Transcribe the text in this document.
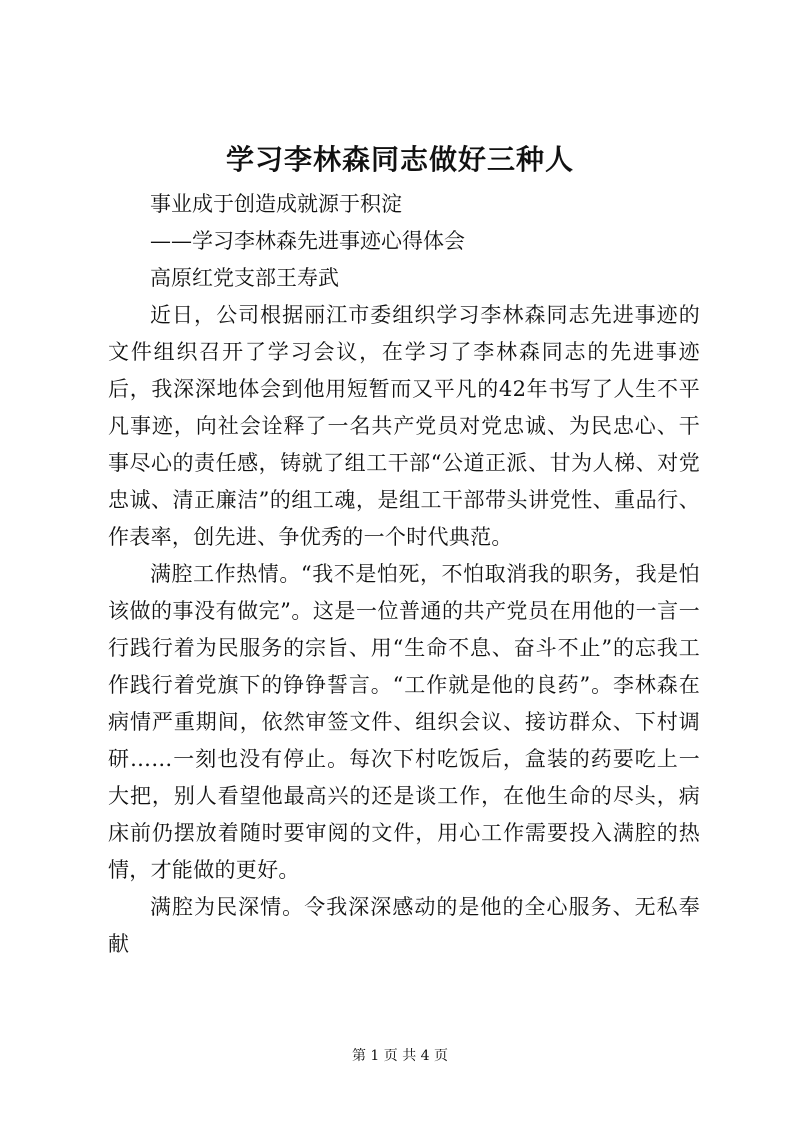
学习李林森同志做好三种人

事业成于创造成就源于积淀

——学习李林森先进事迹心得体会

高原红党支部王寿武

近日，公司根据丽江市委组织学习李林森同志先进事迹的文件组织召开了学习会议，在学习了李林森同志的先进事迹后，我深深地体会到他用短暂而又平凡的42年书写了人生不平凡事迹，向社会诠释了一名共产党员对党忠诚、为民忠心、干事尽心的责任感，铸就了组工干部“公道正派、甘为人梯、对党忠诚、清正廉洁”的组工魂，是组工干部带头讲党性、重品行、作表率，创先进、争优秀的一个时代典范。

满腔工作热情。“我不是怕死，不怕取消我的职务，我是怕该做的事没有做完”。这是一位普通的共产党员在用他的一言一行践行着为民服务的宗旨、用“生命不息、奋斗不止”的忘我工作践行着党旗下的铮铮誓言。“工作就是他的良药”。李林森在病情严重期间，依然审签文件、组织会议、接访群众、下村调研……一刻也没有停止。每次下村吃饭后，盒装的药要吃上一大把，别人看望他最高兴的还是谈工作，在他生命的尽头，病床前仍摆放着随时要审阅的文件，用心工作需要投入满腔的热情，才能做的更好。

满腔为民深情。令我深深感动的是他的全心服务、无私奉献

第 1 页 共 4 页
